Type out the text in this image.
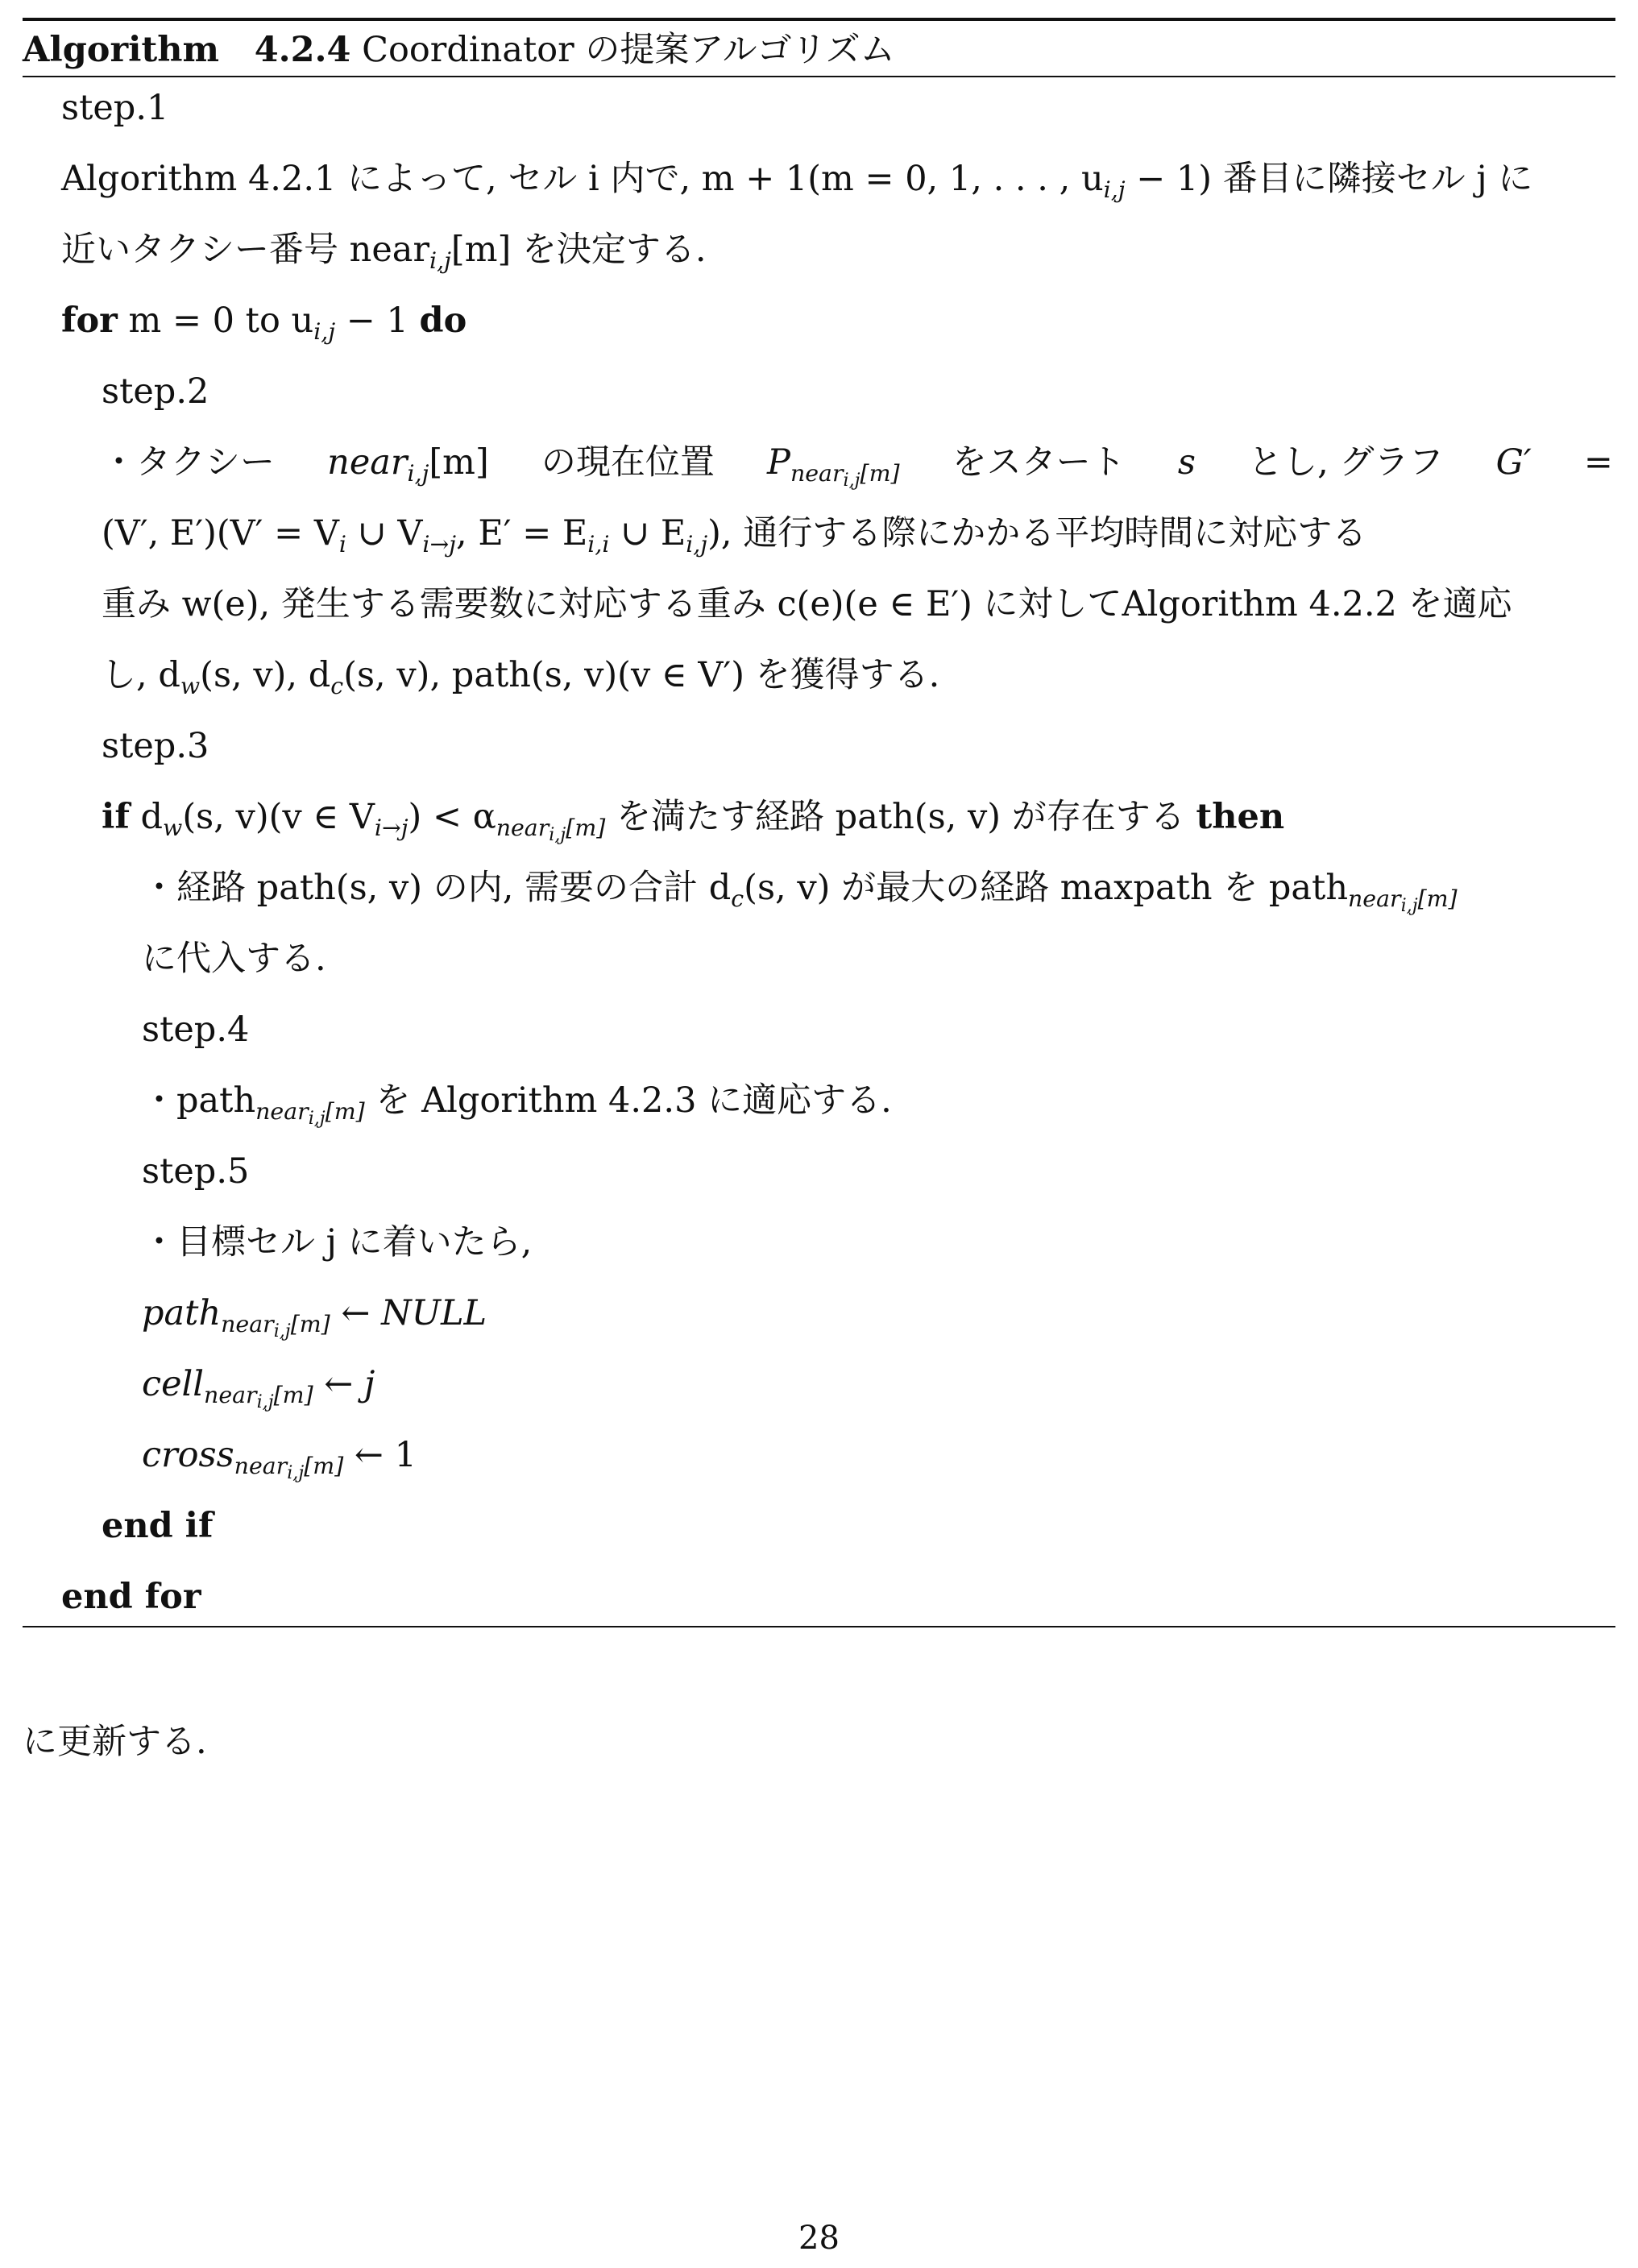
Algorithm 4.2.4 Coordinator の提案アルゴリズム
step.1
Algorithm 4.2.1 によって, セル i 内で, m + 1(m = 0, 1, . . . , $u_{i,j} - 1$) 番目に隣接セル j に
近いタクシー番号 near$_{i,j}$[m] を決定する.
for m = 0 to $u_{i,j} - 1$ do
step.2
・タクシー near$_{i,j}$[m] の現在位置 $P_{near_{i,j}[m]}$ をスタート s とし, グラフ G′ =
(V′, $E')(V' = V_i$ ∪ $V_{i\to j}$, $E' = E_{i,i}$ ∪ $E_{i,j}$), 通行する際にかかる平均時間に対応する
重み w(e), 発生する需要数に対応する重み c(e)(e ∈ E′) に対してAlgorithm 4.2.2 を適応
し, $d_w(s$, v), $d_c(s$, v), path(s, v)(v ∈ V′) を獲得する.
step.3
if $d_w(s$, v)(v ∈ $V_{i\to j}) < \alpha_{near_{i,j}[m]}$ を満たす経路 path(s, v) が存在する then
・経路 path(s, v) の内, 需要の合計 $d_c(s$, v) が最大の経路 maxpath を path$_{near_{i,j}[m]}$
に代入する.
step.4
・path$_{near_{i,j}[m]}$ を Algorithm 4.2.3 に適応する.
step.5
・目標セル j に着いたら,
path$_{near_{i,j}[m]}$ ← NULL
cell$_{near_{i,j}[m]}$ ← j
cross$_{near_{i,j}[m]}$ ← 1
end if
end for
に更新する.
28
